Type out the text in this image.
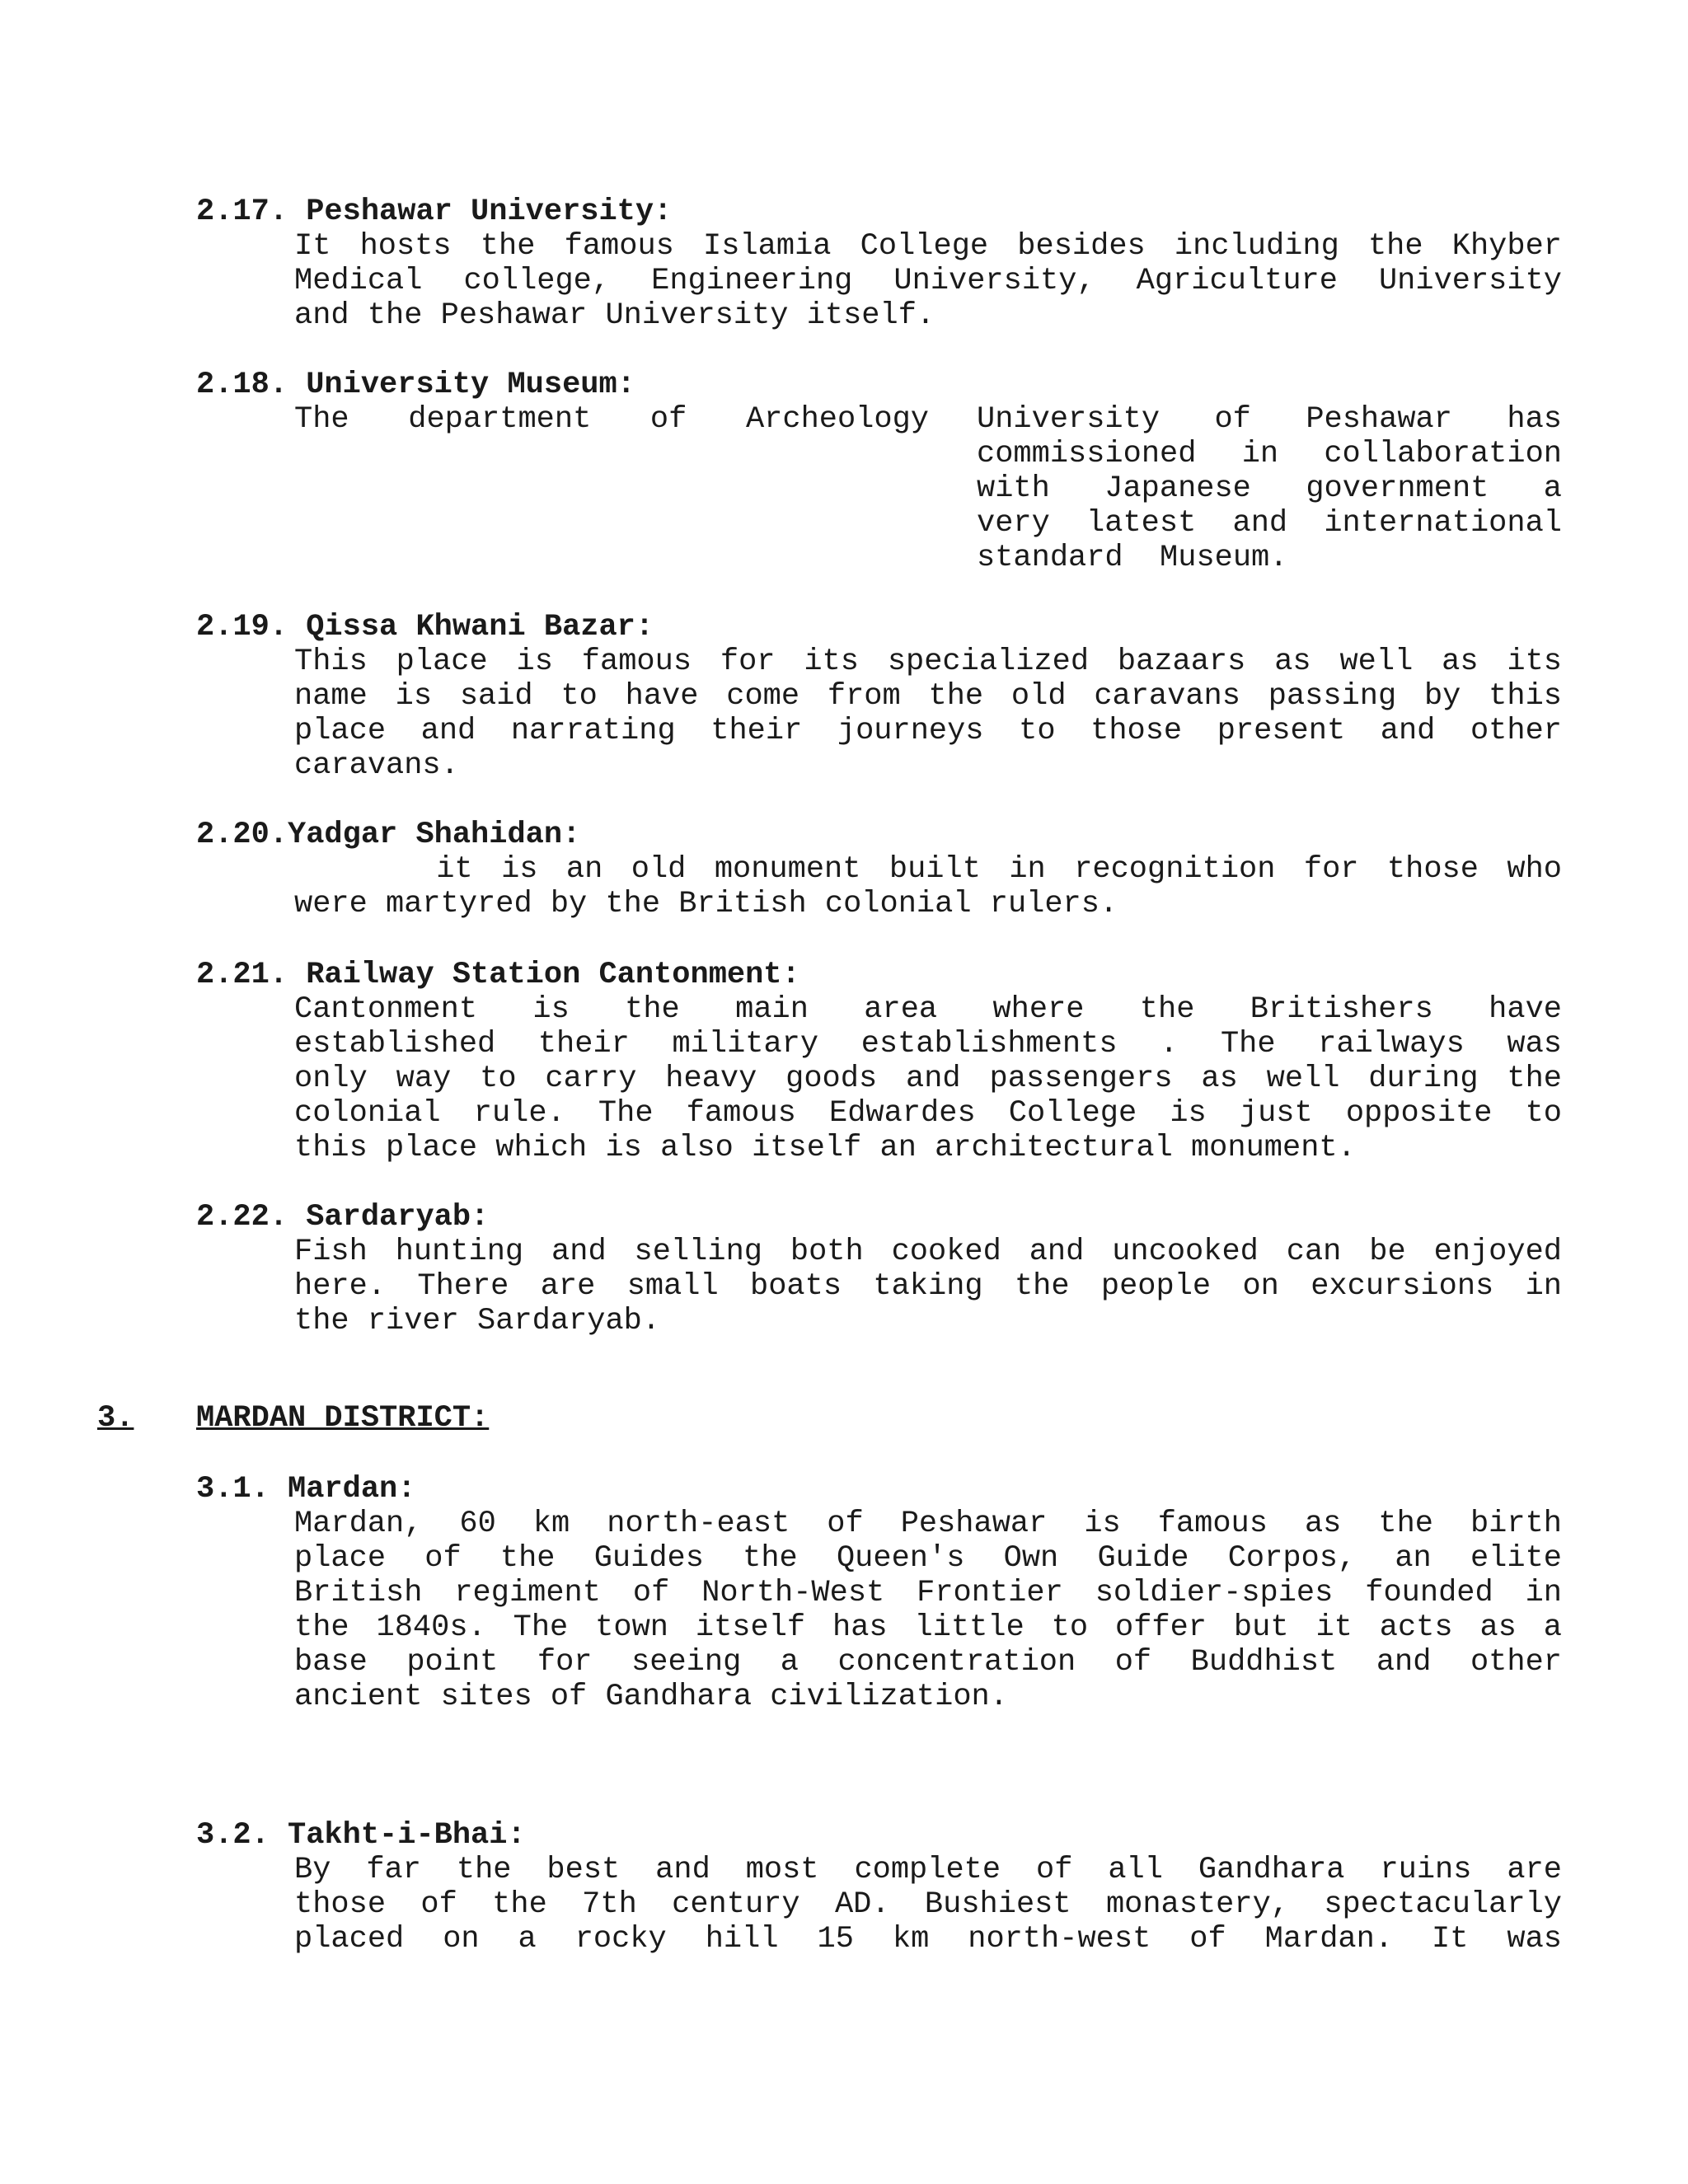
2.17. Peshawar University:
It hosts the famous Islamia College besides including the Khyber
Medical college, Engineering University, Agriculture University
and the Peshawar University itself.
2.18. University Museum:
The department of Archeology University of Peshawar has
commissioned in collaboration
with Japanese government a
very latest and international
standard  Museum.
2.19. Qissa Khwani Bazar:
This place is famous for its specialized bazaars as well as its
name is said to have come from the old caravans passing by this
place and narrating their journeys to those present and other
caravans.
2.20.Yadgar Shahidan:
it is an old monument built in recognition for those who
were martyred by the British colonial rulers.
2.21. Railway Station Cantonment:
Cantonment is the main area where the Britishers have
established their military establishments . The railways was
only way to carry heavy goods and passengers as well during the
colonial rule. The famous Edwardes College is just opposite to
this place which is also itself an architectural monument.
2.22. Sardaryab:
Fish hunting and selling both cooked and uncooked can be enjoyed
here. There are small boats taking the people on excursions in
the river Sardaryab.
3. MARDAN DISTRICT:
3.1. Mardan:
Mardan, 60 km north-east of Peshawar is famous as the birth
place of the Guides the Queen's Own Guide Corpos, an elite
British regiment of North-West Frontier soldier-spies founded in
the 1840s. The town itself has little to offer but it acts as a
base point for seeing a concentration of Buddhist and other
ancient sites of Gandhara civilization.
3.2. Takht-i-Bhai:
By far the best and most complete of all Gandhara ruins are
those of the 7th century AD. Bushiest monastery, spectacularly
placed on a rocky hill 15 km north-west of Mardan. It was
